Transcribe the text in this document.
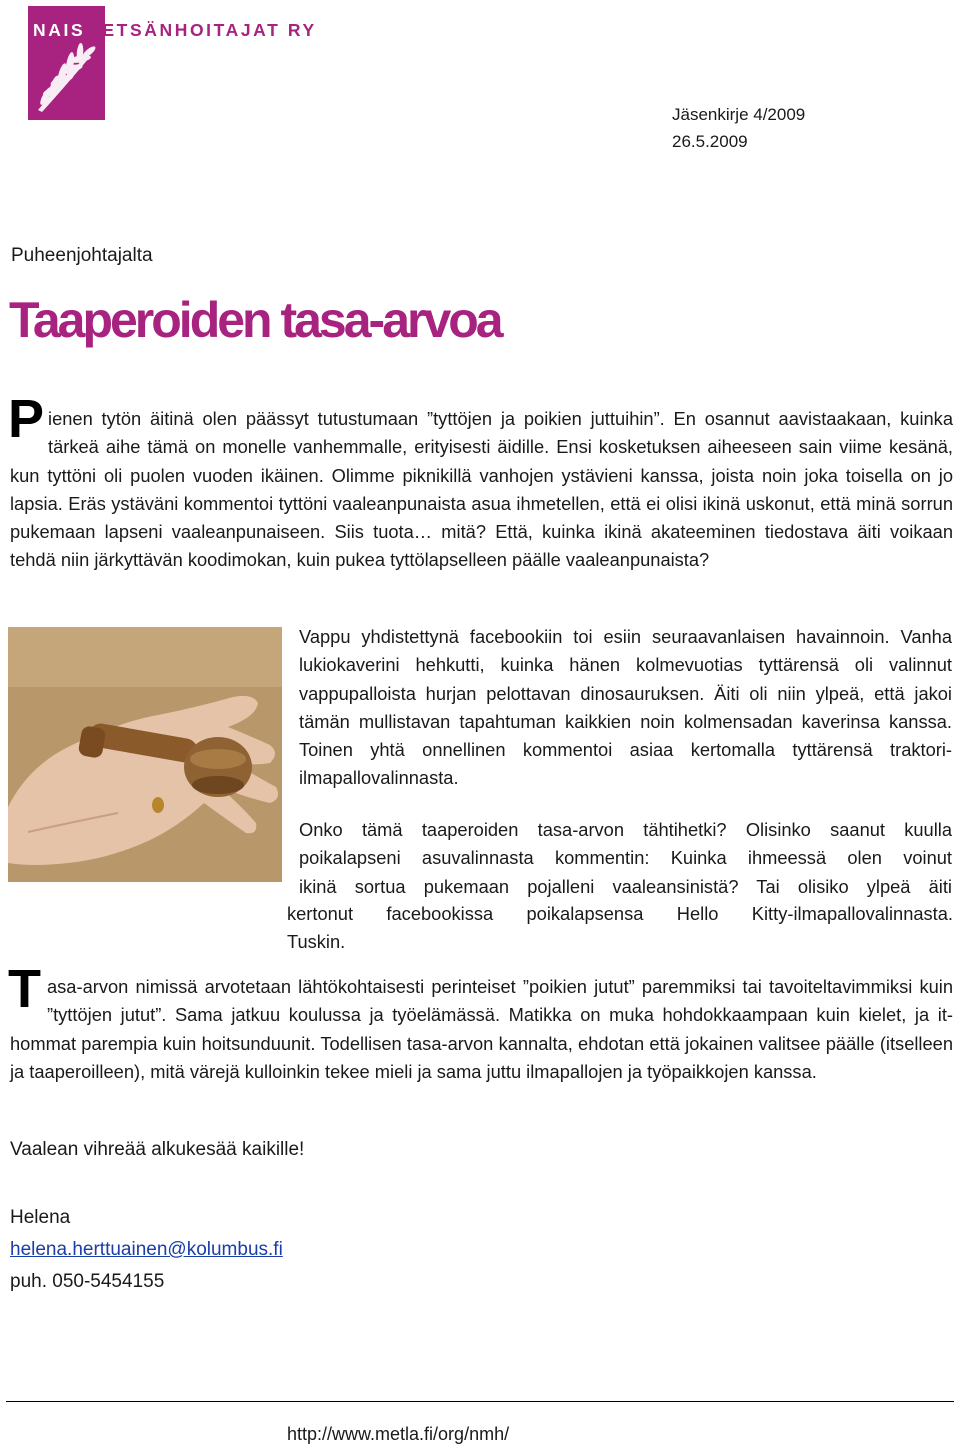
NAISMETSÄNHOITAJAT RY
Jäsenkirje 4/2009
26.5.2009
Puheenjohtajalta
Taaperoiden tasa-arvoa

Pienen tytön äitinä olen päässyt tutustumaan ”tyttöjen ja poikien juttuihin”. En osannut aavistaakaan, kuinka tärkeä aihe tämä on monelle vanhemmalle, erityisesti äidille. Ensi kosketuksen aiheeseen sain viime kesänä, kun tyttöni oli puolen vuoden ikäinen. Olimme piknikillä vanhojen ystävieni kanssa, joista noin joka toisella on jo lapsia. Eräs ystäväni kommentoi tyttöni vaaleanpunaista asua ihmetellen, että ei olisi ikinä uskonut, että minä sorrun pukemaan lapseni vaaleanpunaiseen. Siis tuota… mitä? Että, kuinka ikinä akateeminen tiedostava äiti voikaan tehdä niin järkyttävän koodimokan, kuin pukea tyttölapselleen päälle vaaleanpunaista?

Vappu yhdistettynä facebookiin toi esiin seuraavanlaisen havainnoin. Vanha lukiokaverini hehkutti, kuinka hänen kolmevuotias tyttärensä oli valinnut vappupalloista hurjan pelottavan dinosauruksen. Äiti oli niin ylpeä, että jakoi tämän mullistavan tapahtuman kaikkien noin kolmensadan kaverinsa kanssa. Toinen yhtä onnellinen kommentoi asiaa kertomalla tyttärensä traktori-ilmapallovalinnasta.

Onko tämä taaperoiden tasa-arvon tähtihetki? Olisinko saanut kuulla

poikalapseni asuvalinnasta kommentin: Kuinka ihmeessä olen voinut

ikinä sortua pukemaan pojalleni vaaleansinistä? Tai olisiko ylpeä äiti

kertonut facebookissa poikalapsensa Hello Kitty-ilmapallovalinnasta.

Tuskin.

Tasa-arvon nimissä arvotetaan lähtökohtaisesti perinteiset ”poikien jutut” paremmiksi tai tavoiteltavimmiksi kuin ”tyttöjen jutut”. Sama jatkuu koulussa ja työelämässä. Matikka on muka hohdokkaampaan kuin kielet, ja it-hommat parempia kuin hoitsunduunit. Todellisen tasa-arvon kannalta, ehdotan että jokainen valitsee päälle (itselleen ja taaperoilleen), mitä värejä kulloinkin tekee mieli ja sama juttu ilmapallojen ja työpaikkojen kanssa.

Vaalean vihreää alkukesää kaikille!
Helena
helena.herttuainen@kolumbus.fi
puh. 050-5454155
http://www.metla.fi/org/nmh/
